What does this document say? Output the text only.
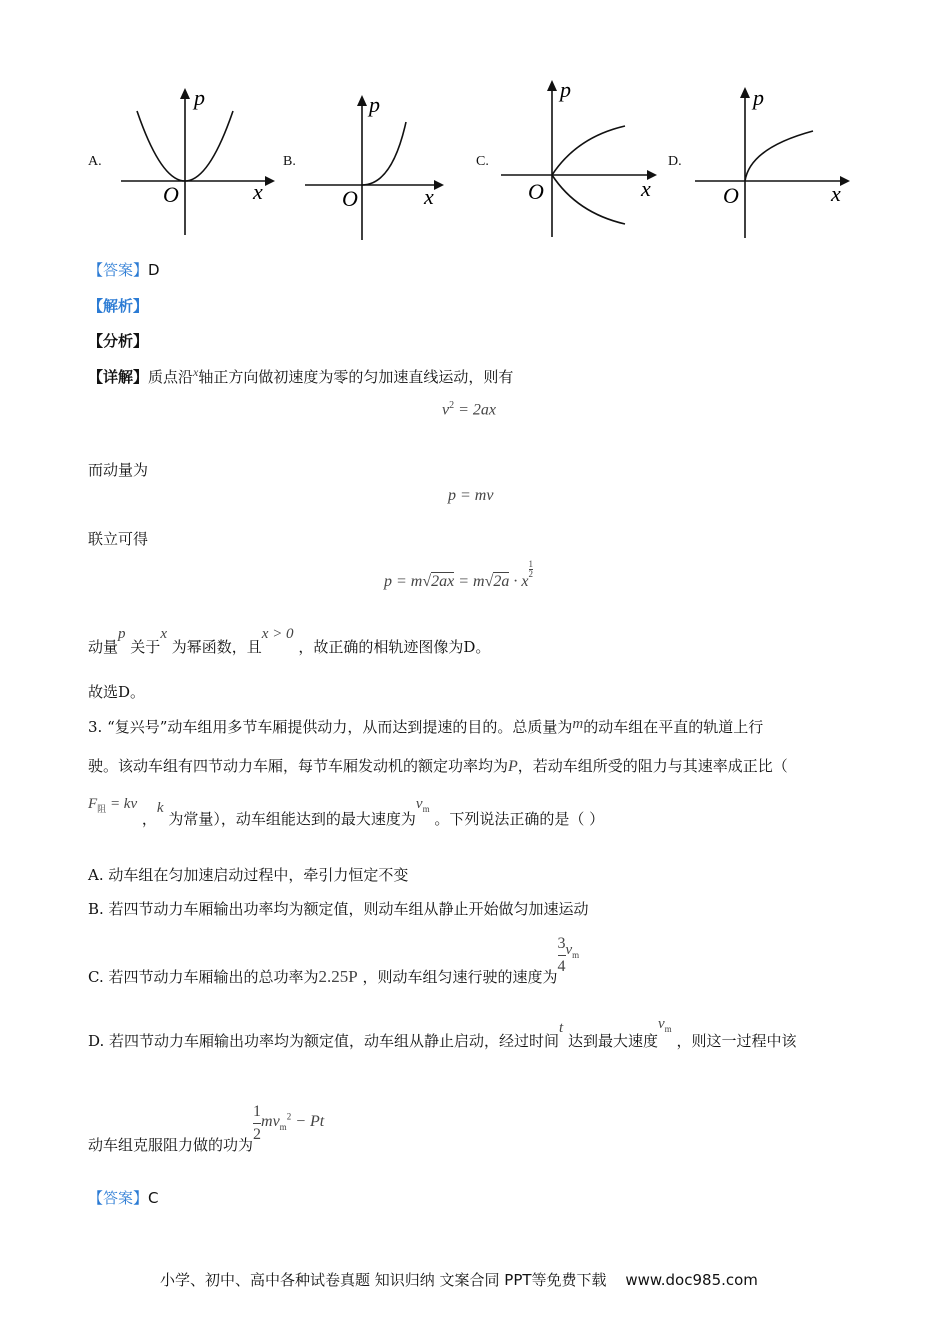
A.
O	x
p
B.
O	x
p
C.
O	x
p
D.
O	x
p
【答案】D
【解析】
【分析】
【详解】质点沿$^x$轴正方向做初速度为零的匀加速直线运动，则有
$v^2 = 2ax$
而动量为
p = mv
联立可得
p = m√2ax = m√2a · x
$\frac{1}{2}$
动量p 关于x 为幂函数，且x > 0 ，故正确的相轨迹图像为D。
故选D。
3. “复兴号”动车组用多节车厢提供动力，从而达到提速的目的。总质量为m的动车组在平直的轨道上行
驶。该动车组有四节动力车厢，每节车厢发动机的额定功率均为P，若动车组所受的阻力与其速率成正比（
$F_阻$ = kv ，k 为常量），动车组能达到的最大速度为$v_m$ 。下列说法正确的是（ ）
A. 动车组在匀加速启动过程中，牵引力恒定不变
B. 若四节动力车厢输出功率均为额定值，则动车组从静止开始做匀加速运动
C. 若四节动力车厢输出的总功率为2.25P ，则动车组匀速行驶的速度为
$\frac{3}{4} v_m$
D. 若四节动力车厢输出功率均为额定值，动车组从静止启动，经过时间t 达到最大速度$v_m$ ，则这一过程中该
动车组克服阻力做的功为
$\frac{1}{2} mv_m^2 - Pt$
【答案】C
小学、初中、高中各种试卷真题 知识归纳 文案合同 PPT等免费下载 www.doc985.com
